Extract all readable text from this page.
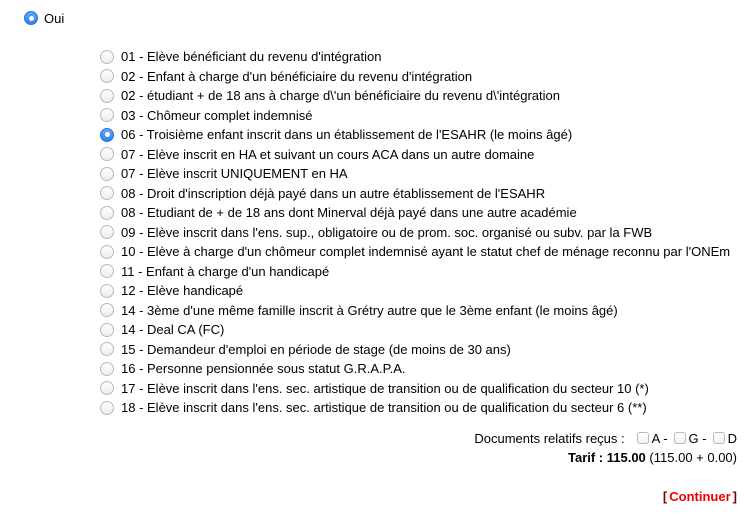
Oui
01 - Elève bénéficiant du revenu d'intégration
02 - Enfant à charge d'un bénéficiaire du revenu d'intégration
02 - étudiant + de 18 ans à charge d\'un bénéficiaire du revenu d\'intégration
03 - Chômeur complet indemnisé
06 - Troisième enfant inscrit dans un établissement de l'ESAHR (le moins âgé)
07 - Elève inscrit en HA et suivant un cours ACA dans un autre domaine
07 - Elève inscrit UNIQUEMENT en HA
08 - Droit d'inscription déjà payé dans un autre établissement de l'ESAHR
08 - Etudiant de + de 18 ans dont Minerval déjà payé dans une autre académie
09 - Elève inscrit dans l'ens. sup., obligatoire ou de prom. soc. organisé ou subv. par la FWB
10 - Elève à charge d'un chômeur complet indemnisé ayant le statut chef de ménage reconnu par l'ONEm
11 - Enfant à charge d'un handicapé
12 - Elève handicapé
14 - 3ème d'une même famille inscrit à Grétry autre que le 3ème enfant (le moins âgé)
14 - Deal CA (FC)
15 - Demandeur d'emploi en période de stage (de moins de 30 ans)
16 - Personne pensionnée sous statut G.R.A.P.A.
17 - Elève inscrit dans l'ens. sec. artistique de transition ou de qualification du secteur 10 (*)
18 - Elève inscrit dans l'ens. sec. artistique de transition ou de qualification du secteur 6 (**)
Documents relatifs reçus : A - G - D
Tarif : 115.00 (115.00 + 0.00)
[ Continuer ]
